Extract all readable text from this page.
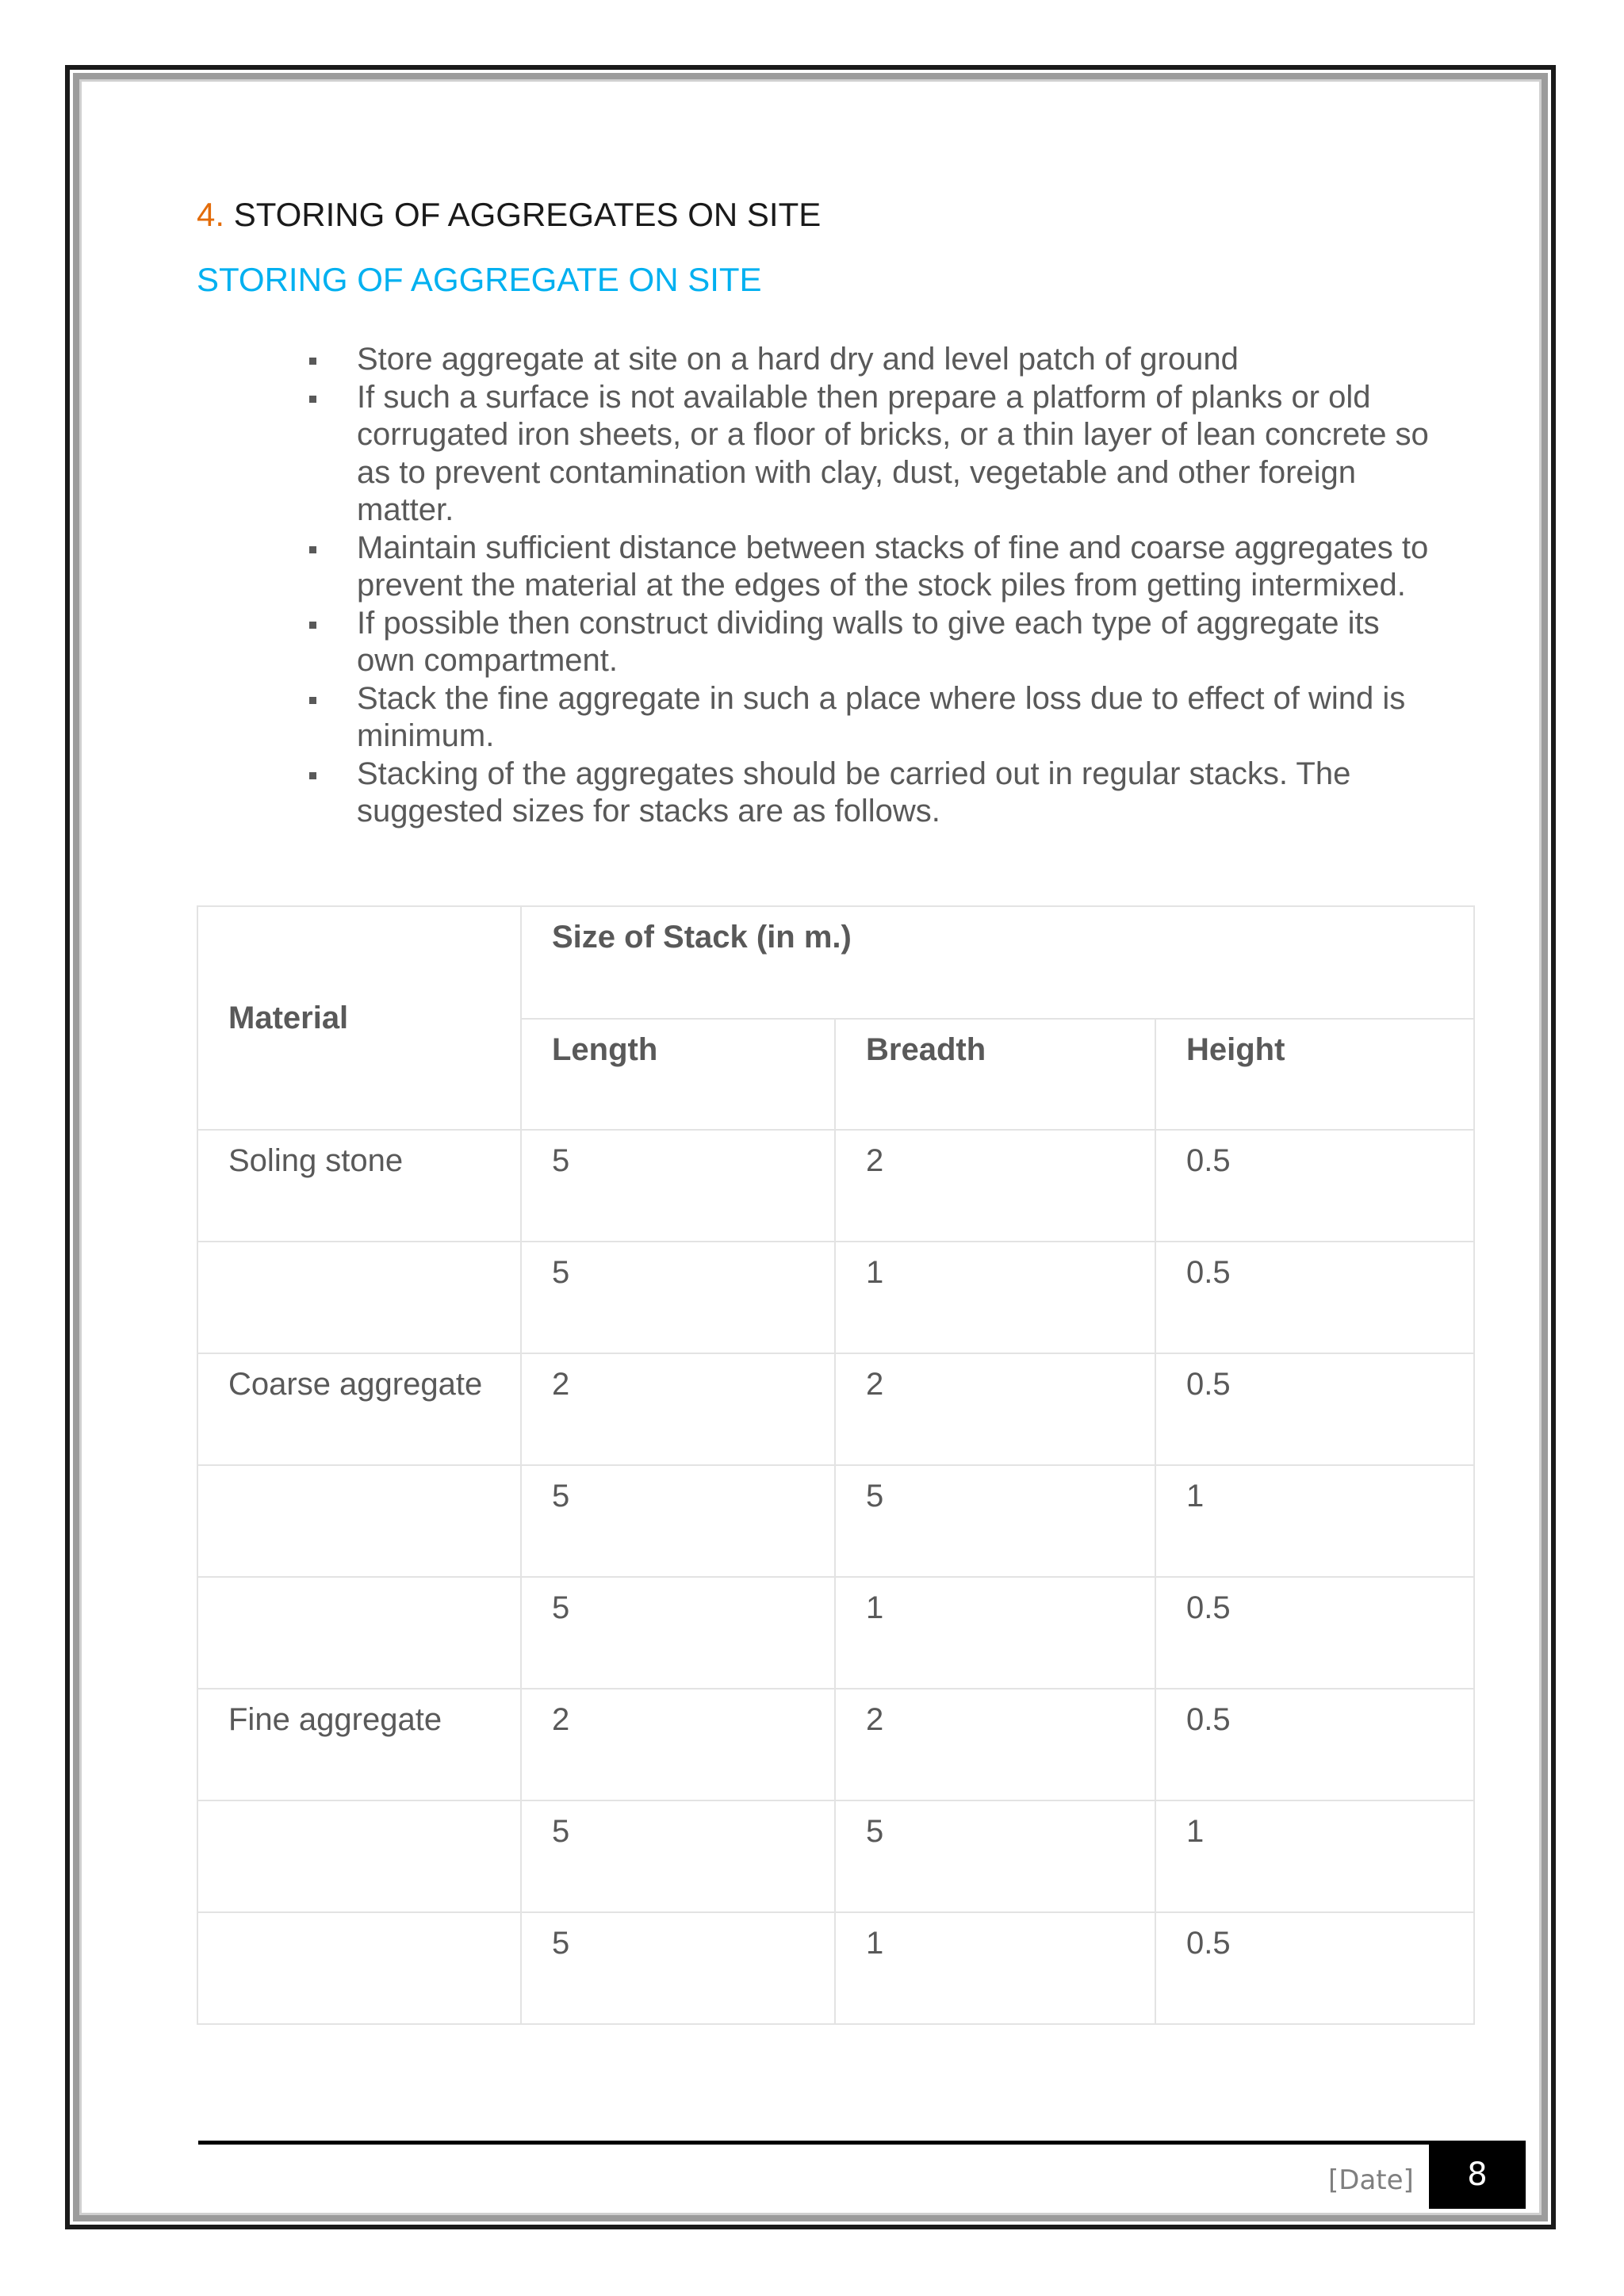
4. STORING OF AGGREGATES ON SITE
STORING OF AGGREGATE ON SITE
Store aggregate at site on a hard dry and level patch of ground
If such a surface is not available then prepare a platform of planks or old corrugated iron sheets, or a floor of bricks, or a thin layer of lean concrete so as to prevent contamination with clay, dust, vegetable and other foreign matter.
Maintain sufficient distance between stacks of fine and coarse aggregates to prevent the material at the edges of the stock piles from getting intermixed.
If possible then construct dividing walls to give each type of aggregate its own compartment.
Stack the fine aggregate in such a place where loss due to effect of wind is minimum.
Stacking of the aggregates should be carried out in regular stacks. The suggested sizes for stacks are as follows.
Material	Size of Stack (in m.)		
	Length	Breadth	Height
Soling stone	5	2	0.5
	5	1	0.5
Coarse aggregate	2	2	0.5
	5	5	1
	5	1	0.5
Fine aggregate	2	2	0.5
	5	5	1
	5	1	0.5
[Date]	8
